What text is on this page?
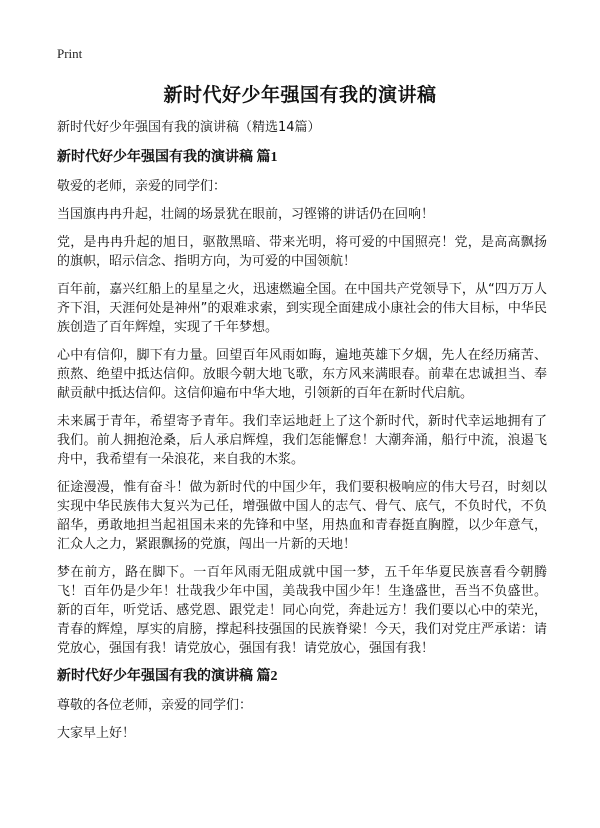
Print
新时代好少年强国有我的演讲稿
新时代好少年强国有我的演讲稿（精选14篇）
新时代好少年强国有我的演讲稿 篇1
敬爱的老师，亲爱的同学们：
当国旗冉冉升起，壮阔的场景犹在眼前，习铿锵的讲话仍在回响！
党，是冉冉升起的旭日，驱散黑暗、带来光明，将可爱的中国照亮！党，是高高飘扬的旗帜，昭示信念、指明方向，为可爱的中国领航！
百年前，嘉兴红船上的星星之火，迅速燃遍全国。在中国共产党领导下，从“四万万人齐下泪，天涯何处是神州”的艰难求索，到实现全面建成小康社会的伟大目标，中华民族创造了百年辉煌，实现了千年梦想。
心中有信仰，脚下有力量。回望百年风雨如晦，遍地英雄下夕烟，先人在经历痛苦、煎熬、绝望中抵达信仰。放眼今朝大地飞歌，东方风来满眼春。前辈在忠诚担当、奉献贡献中抵达信仰。这信仰遍布中华大地，引领新的百年在新时代启航。
未来属于青年，希望寄予青年。我们幸运地赶上了这个新时代，新时代幸运地拥有了我们。前人拥抱沧桑，后人承启辉煌，我们怎能懈怠！大潮奔涌，船行中流，浪遏飞舟中，我希望有一朵浪花，来自我的木浆。
征途漫漫，惟有奋斗！做为新时代的中国少年，我们要积极响应的伟大号召，时刻以实现中华民族伟大复兴为己任，增强做中国人的志气、骨气、底气，不负时代，不负韶华，勇敢地担当起祖国未来的先锋和中坚，用热血和青春挺直胸膛，以少年意气，汇众人之力，紧跟飘扬的党旗，闯出一片新的天地！
梦在前方，路在脚下。一百年风雨无阻成就中国一梦，五千年华夏民族喜看今朝腾飞！百年仍是少年！壮哉我少年中国，美哉我中国少年！生逢盛世，吾当不负盛世。新的百年，听党话、感党恩、跟党走！同心向党，奔赴远方！我们要以心中的荣光，青春的辉煌，厚实的肩膀，撑起科技强国的民族脊梁！今天，我们对党庄严承诺：请党放心，强国有我！请党放心，强国有我！请党放心，强国有我！
新时代好少年强国有我的演讲稿 篇2
尊敬的各位老师，亲爱的同学们：
大家早上好！
